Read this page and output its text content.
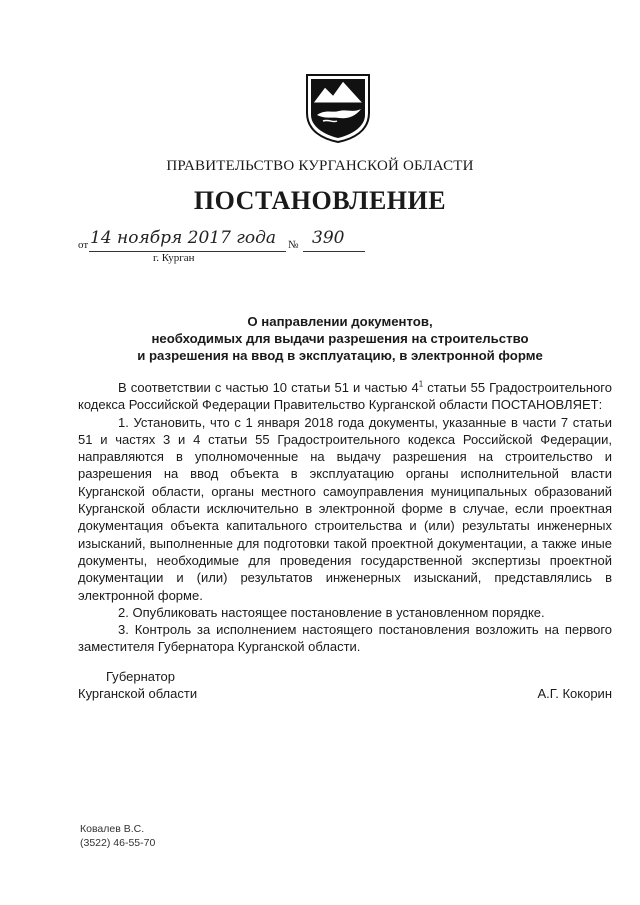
ПРАВИТЕЛЬСТВО КУРГАНСКОЙ ОБЛАСТИ
ПОСТАНОВЛЕНИЕ
от 14 ноября 2017 года № 390
г. Курган
О направлении документов,
необходимых для выдачи разрешения на строительство
и разрешения на ввод в эксплуатацию, в электронной форме

В соответствии с частью 10 статьи 51 и частью $4^1$ статьи 55 Градостроительного кодекса Российской Федерации Правительство Курганской области ПОСТАНОВЛЯЕТ:

1. Установить, что с 1 января 2018 года документы, указанные в части 7 статьи 51 и частях 3 и 4 статьи 55 Градостроительного кодекса Российской Федерации, направляются в уполномоченные на выдачу разрешения на строительство и разрешения на ввод объекта в эксплуатацию органы исполнительной власти Курганской области, органы местного самоуправления муниципальных образований Курганской области исключительно в электронной форме в случае, если проектная документация объекта капитального строительства и (или) результаты инженерных изысканий, выполненные для подготовки такой проектной документации, а также иные документы, необходимые для проведения государственной экспертизы проектной документации и (или) результатов инженерных изысканий, представлялись в электронной форме.

2. Опубликовать настоящее постановление в установленном порядке.

3. Контроль за исполнением настоящего постановления возложить на первого заместителя Губернатора Курганской области.

Губернатор
Курганской области	А.Г. Кокорин
Ковалев В.С.
(3522) 46-55-70
